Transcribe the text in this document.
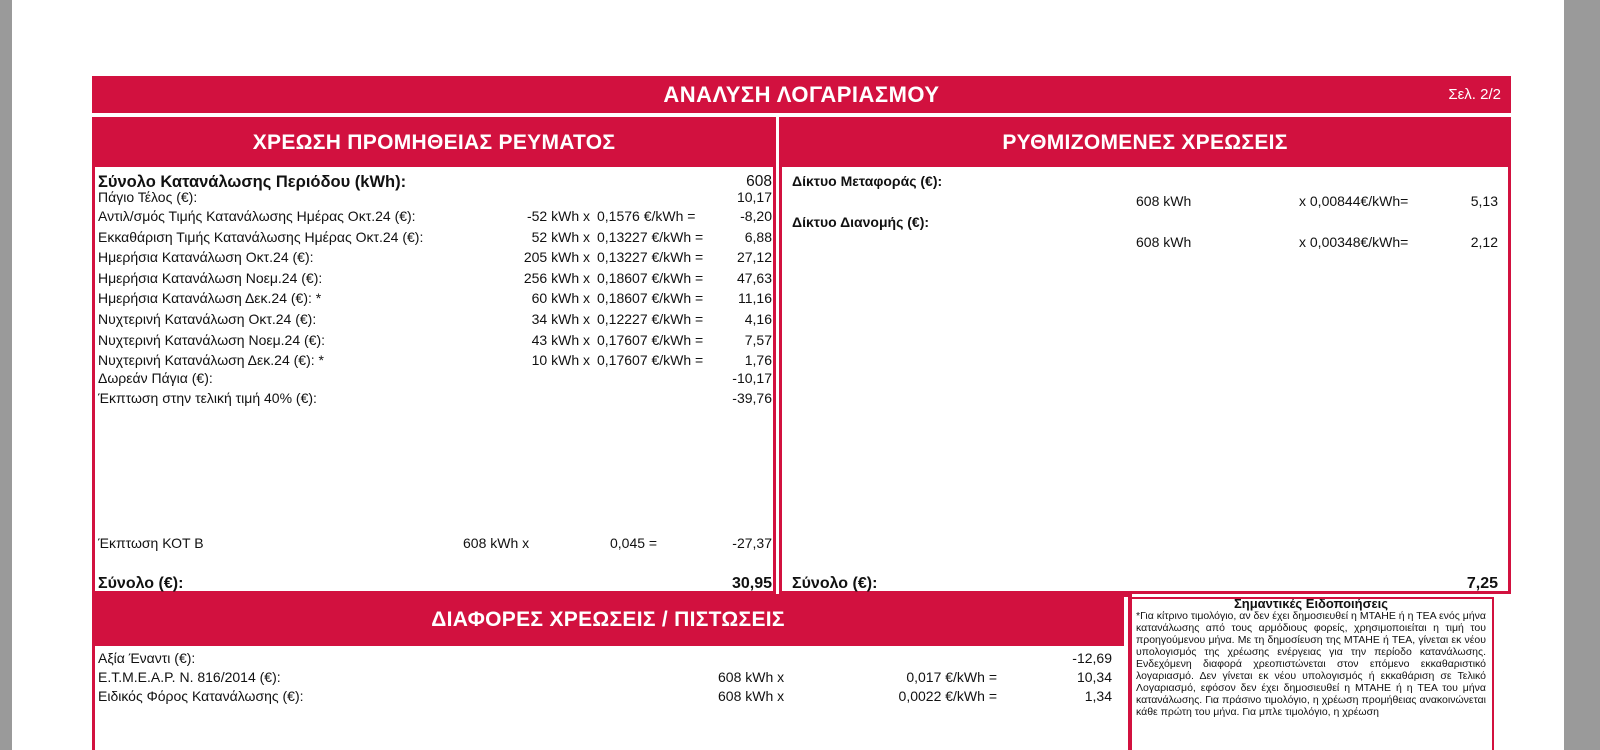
ΑΝΑΛΥΣΗ ΛΟΓΑΡΙΑΣΜΟΥ	Σελ. 2/2
ΧΡΕΩΣΗ ΠΡΟΜΗΘΕΙΑΣ ΡΕΥΜΑΤΟΣ
Σύνολο Κατανάλωσης Περιόδου (kWh):	608
Πάγιο Τέλος (€):	10,17
Αντιλ/σμός Τιμής Κατανάλωσης Ημέρας Οκτ.24 (€):	-52 kWh x 0,1576 €/kWh =	-8,20
Εκκαθάριση Τιμής Κατανάλωσης Ημέρας Οκτ.24 (€):	52 kWh x 0,13227 €/kWh =	6,88
Ημερήσια Κατανάλωση Οκτ.24 (€):	205 kWh x 0,13227 €/kWh =	27,12
Ημερήσια Κατανάλωση Νοεμ.24 (€):	256 kWh x 0,18607 €/kWh =	47,63
Ημερήσια Κατανάλωση Δεκ.24 (€): *	60 kWh x 0,18607 €/kWh =	11,16
Νυχτερινή Κατανάλωση Οκτ.24 (€):	34 kWh x 0,12227 €/kWh =	4,16
Νυχτερινή Κατανάλωση Νοεμ.24 (€):	43 kWh x 0,17607 €/kWh =	7,57
Νυχτερινή Κατανάλωση Δεκ.24 (€): *	10 kWh x 0,17607 €/kWh =	1,76
Δωρεάν Πάγια (€):	-10,17
Έκπτωση στην τελική τιμή 40% (€):	-39,76
Έκπτωση ΚΟΤ Β	608 kWh x	0,045 =	-27,37
Σύνολο (€):	30,95
ΡΥΘΜΙΖΟΜΕΝΕΣ ΧΡΕΩΣΕΙΣ
Δίκτυο Μεταφοράς (€):
608 kWh	x 0,00844€/kWh=	5,13
Δίκτυο Διανομής (€):
608 kWh	x 0,00348€/kWh=	2,12
Σύνολο (€):	7,25
ΔΙΑΦΟΡΕΣ ΧΡΕΩΣΕΙΣ / ΠΙΣΤΩΣΕΙΣ
Αξία Έναντι (€):	-12,69
Ε.Τ.Μ.Ε.Α.Ρ. Ν. 816/2014 (€):	608 kWh x	0,017 €/kWh =	10,34
Ειδικός Φόρος Κατανάλωσης (€):	608 kWh x	0,0022 €/kWh =	1,34
Σημαντικές Ειδοποιήσεις
*Για κίτρινο τιμολόγιο, αν δεν έχει δημοσιευθεί η ΜΤΑΗΕ ή η ΤΕΑ ενός μήνα κατανάλωσης από τους αρμόδιους φορείς, χρησιμοποιείται η τιμή του προηγούμενου μήνα. Με τη δημοσίευση της ΜΤΑΗΕ ή ΤΕΑ, γίνεται εκ νέου υπολογισμός της χρέωσης ενέργειας για την περίοδο κατανάλωσης. Ενδεχόμενη διαφορά χρεοπιστώνεται στον επόμενο εκκαθαριστικό λογαριασμό. Δεν γίνεται εκ νέου υπολογισμός ή εκκαθάριση σε Τελικό Λογαριασμό, εφόσον δεν έχει δημοσιευθεί η ΜΤΑΗΕ ή η ΤΕΑ του μήνα κατανάλωσης. Για πράσινο τιμολόγιο, η χρέωση προμήθειας ανακοινώνεται κάθε πρώτη του μήνα. Για μπλε τιμολόγιο, η χρέωση
